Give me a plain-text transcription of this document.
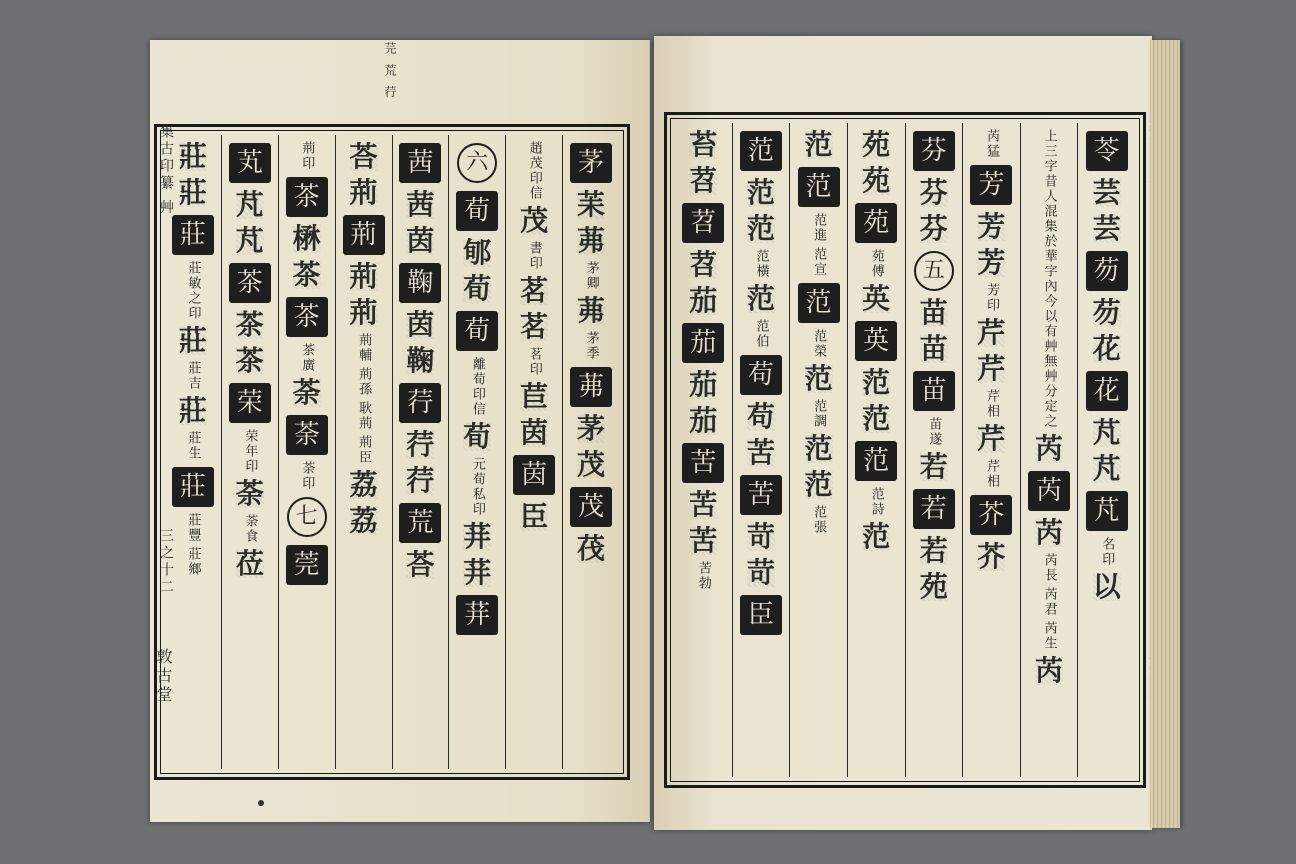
芫 荒 荇
茅
苿
茀
茅卿
茀
茅季
茀
茅
茂
茂
茷
趙茂印信
茂
書印
茗
茗
茗印
苣
茵
茵
臣
六
荀
郇
荀
荀
離荀印信
荀
元荀私印
荓
荓
荓
茜
茜
茵
鞠
茵
鞠
荇
荇
荇
荒
荅
荅
荊
荊
荊
荊
荊輔
荊孫
耿荊
荊臣
荔
荔
荊印
茶
楙
茶
茶
茶廣
荼
荼
荼印
七
莞
芄
芃
芃
茶
茶
茶
荣
荣年印
荼
荼食
莅
莊
莊
莊
莊敏之印
莊
莊吉
莊
莊生
莊
莊豐
莊鄉
苓
芸
芸
芴
芴
花
花
芃
芃
芃
名印
以
上三字昔人混集於華字內今以有艸無艸分定之
芮
芮
芮
芮長
芮君
芮生
芮
芮猛
芳
芳
芳
芳印
芹
芹
芹相
芹
芹相
芥
芥
芬
芬
芬
五
苗
苗
苗
苗遂
若
若
若
苑
苑
苑
苑
苑傅
英
英
范
范
范
范詩
范
范
范
范進
范宣
范
范榮
范
范調
范
范
范張
范
范
范
范橫
范
范伯
苟
苟
苦
苦
苛
苛
臣
苔
苕
苕
苕
茄
茄
茄
茄
苦
苦
苦
苦勃
集古印纂 艸
三之十二
敦古堂
